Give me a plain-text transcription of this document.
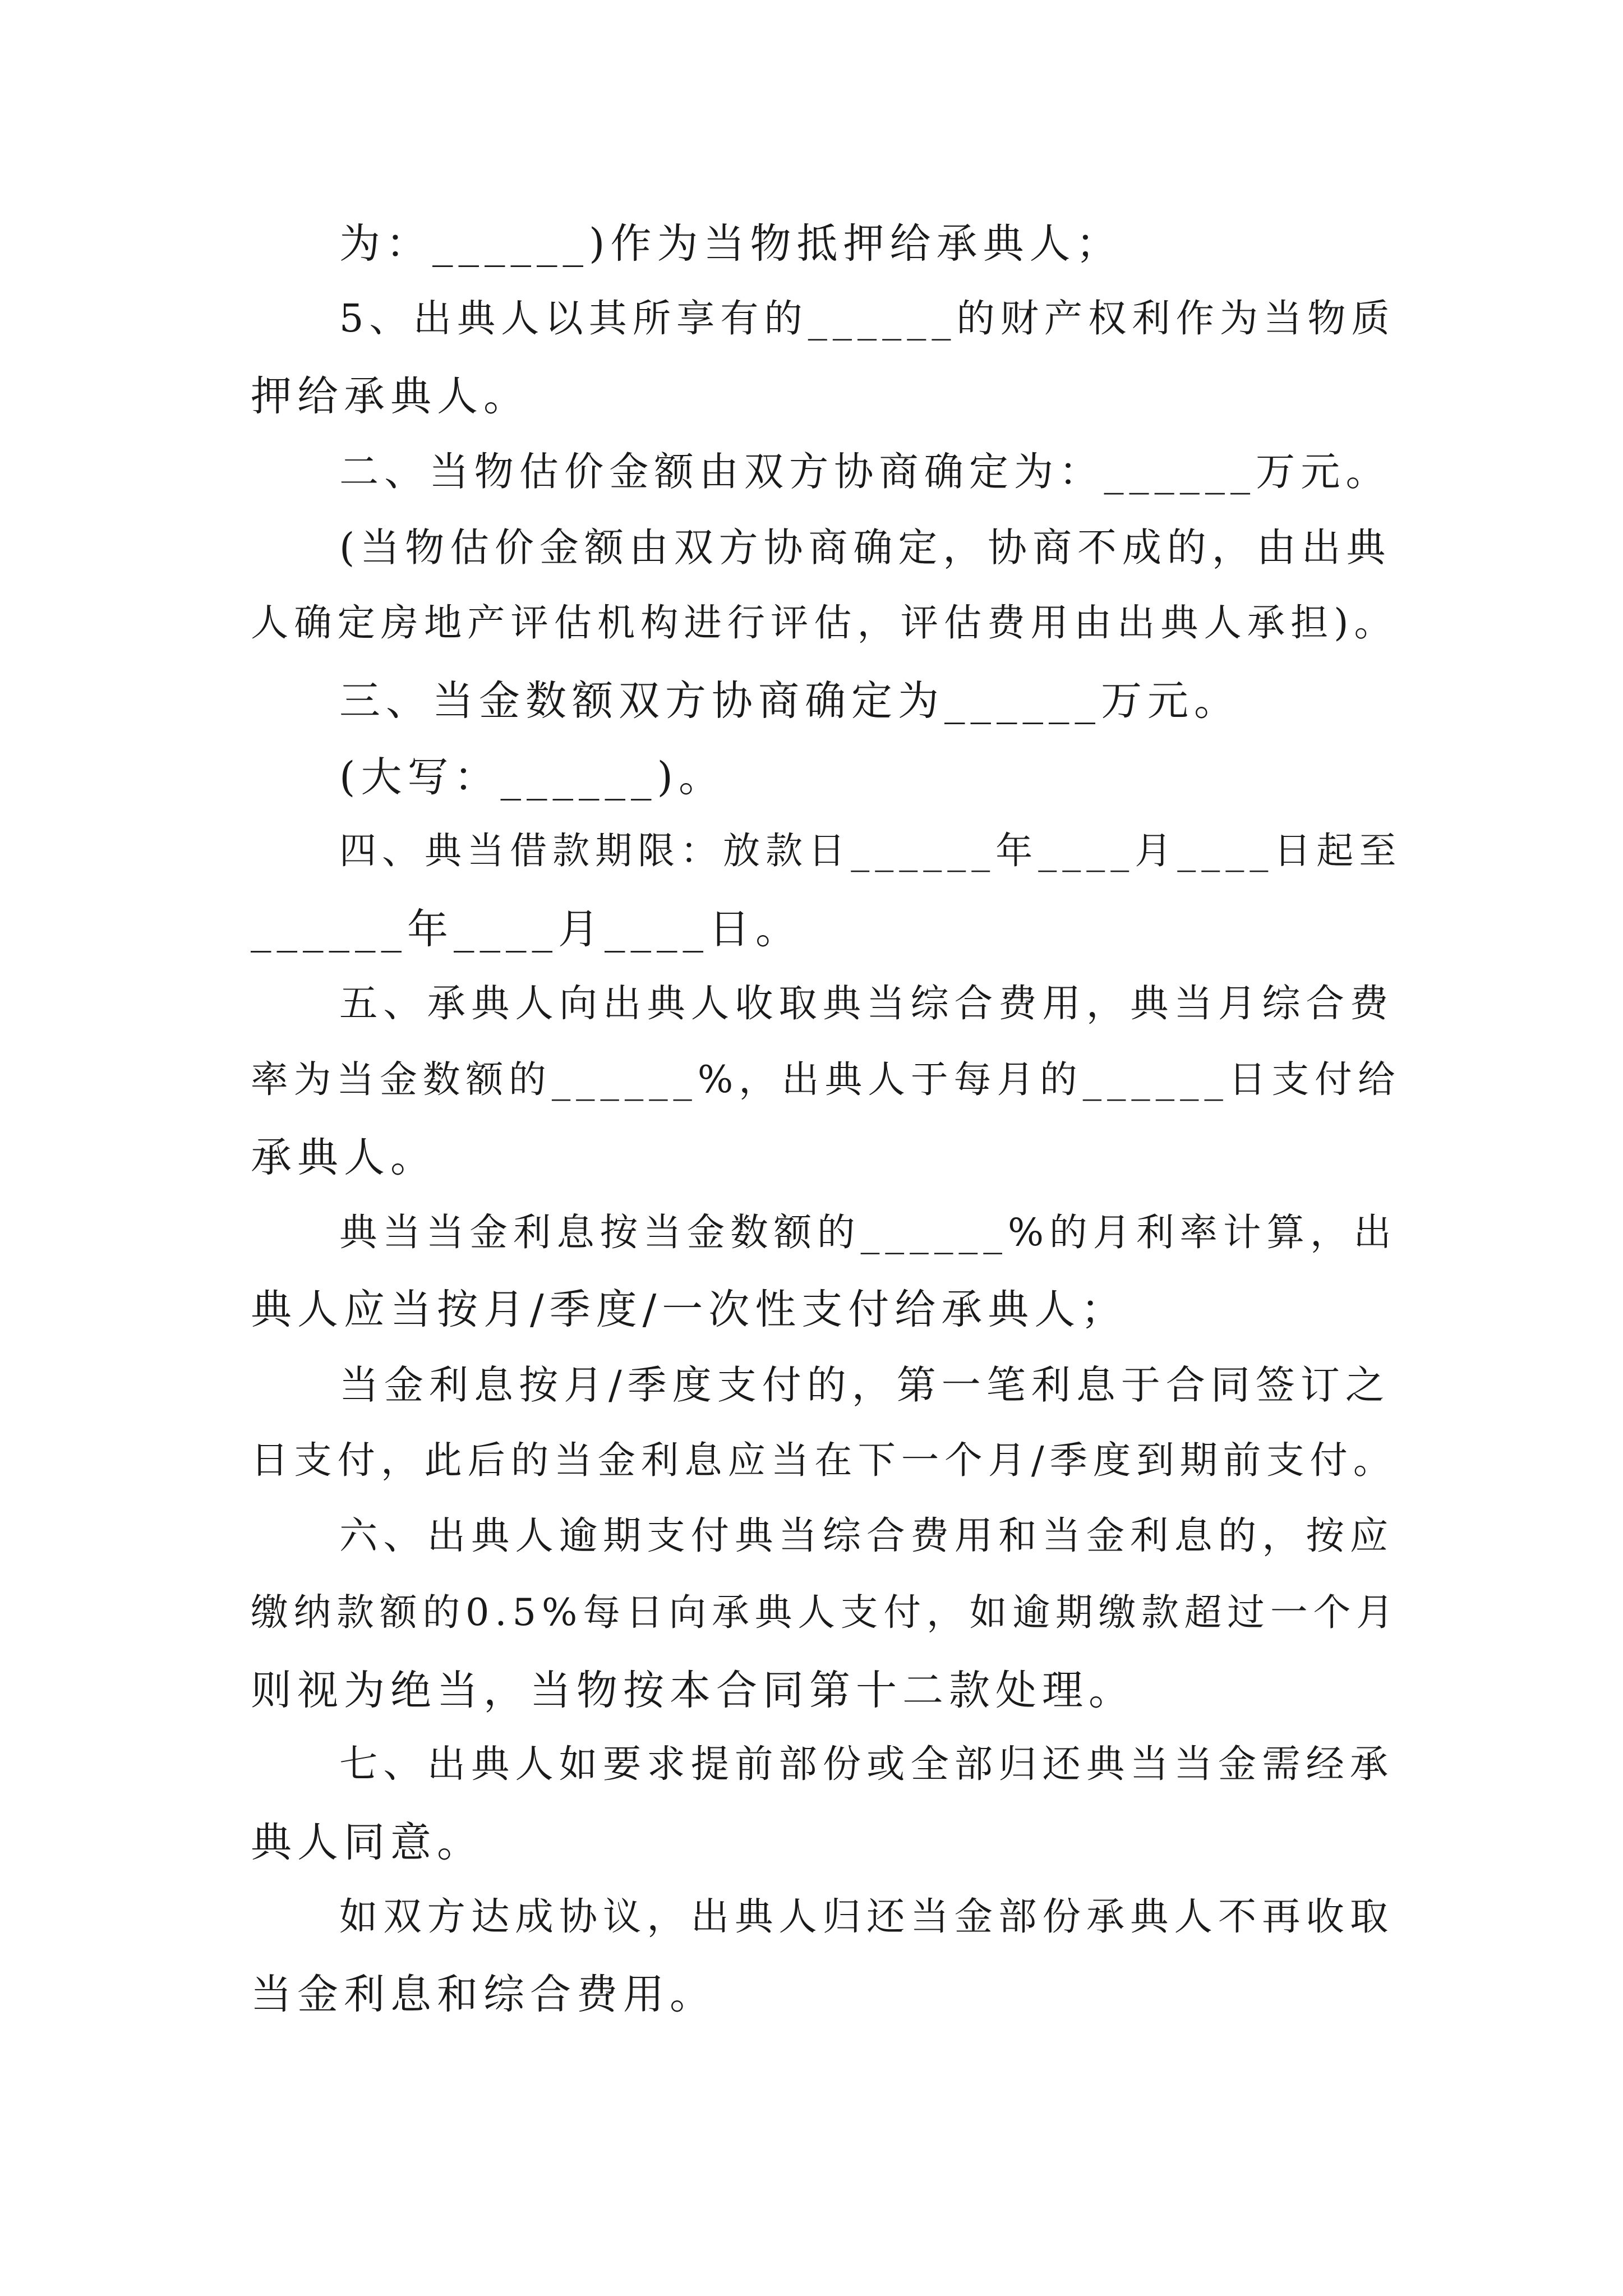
为：______)作为当物抵押给承典人；
5、出典人以其所享有的______的财产权利作为当物质
押给承典人。
二、当物估价金额由双方协商确定为：______万元。
(当物估价金额由双方协商确定，协商不成的，由出典
人确定房地产评估机构进行评估，评估费用由出典人承担)。
三、当金数额双方协商确定为______万元。
(大写：______)。
四、典当借款期限：放款日______年____月____日起至
______年____月____日。
五、承典人向出典人收取典当综合费用，典当月综合费
率为当金数额的______%，出典人于每月的______日支付给
承典人。
典当当金利息按当金数额的______%的月利率计算，出
典人应当按月/季度/一次性支付给承典人；
当金利息按月/季度支付的，第一笔利息于合同签订之
日支付，此后的当金利息应当在下一个月/季度到期前支付。
六、出典人逾期支付典当综合费用和当金利息的，按应
缴纳款额的0.5%每日向承典人支付，如逾期缴款超过一个月
则视为绝当，当物按本合同第十二款处理。
七、出典人如要求提前部份或全部归还典当当金需经承
典人同意。
如双方达成协议，出典人归还当金部份承典人不再收取
当金利息和综合费用。
